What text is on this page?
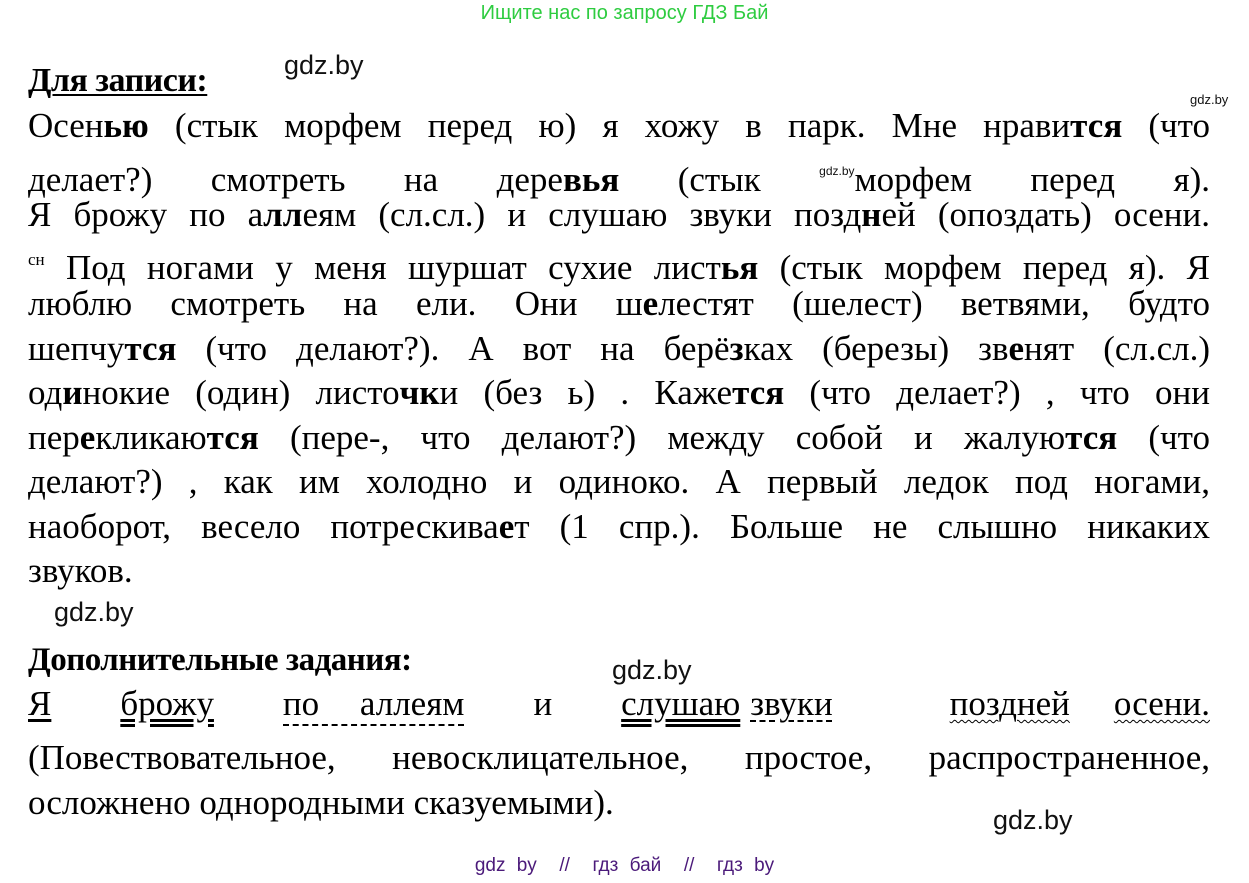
Ищите нас по запросу ГДЗ Бай
gdz.by
gdz.by
Для записи:
Осенью (стык морфем перед ю) я хожу в парк. Мне нравится (что
делает?) смотреть на деревья (стык	$^{gdz.by}$морфем перед я).
Я брожу по аллеям (сл.сл.) и слушаю звуки поздней (опоздать) осени.
$^{сн}$ Под ногами у меня шуршат сухие листья (стык морфем перед я). Я
люблю смотреть на ели. Они шелестят (шелест) ветвями, будто
шепчутся (что делают?). А вот на берёзках (березы) звенят (сл.сл.)
одинокие (один) листочки (без ь) . Кажется (что делает?) , что они
перекликаются (пере-, что делают?) между собой и жалуются (что
делают?) , как им холодно и одиноко. А первый ледок под ногами,
наоборот, весело потрескивает (1 спр.). Больше не слышно никаких
звуков.
gdz.by
Дополнительные задания:	gdz.by
Я брожу по аллеям и слушаю звуки	поздней осени.
(Повествовательное, невосклицательное, простое, распространенное,
осложнено однородными сказуемыми).	gdz.by
gdz by  //  гдз бай  //  гдз by
